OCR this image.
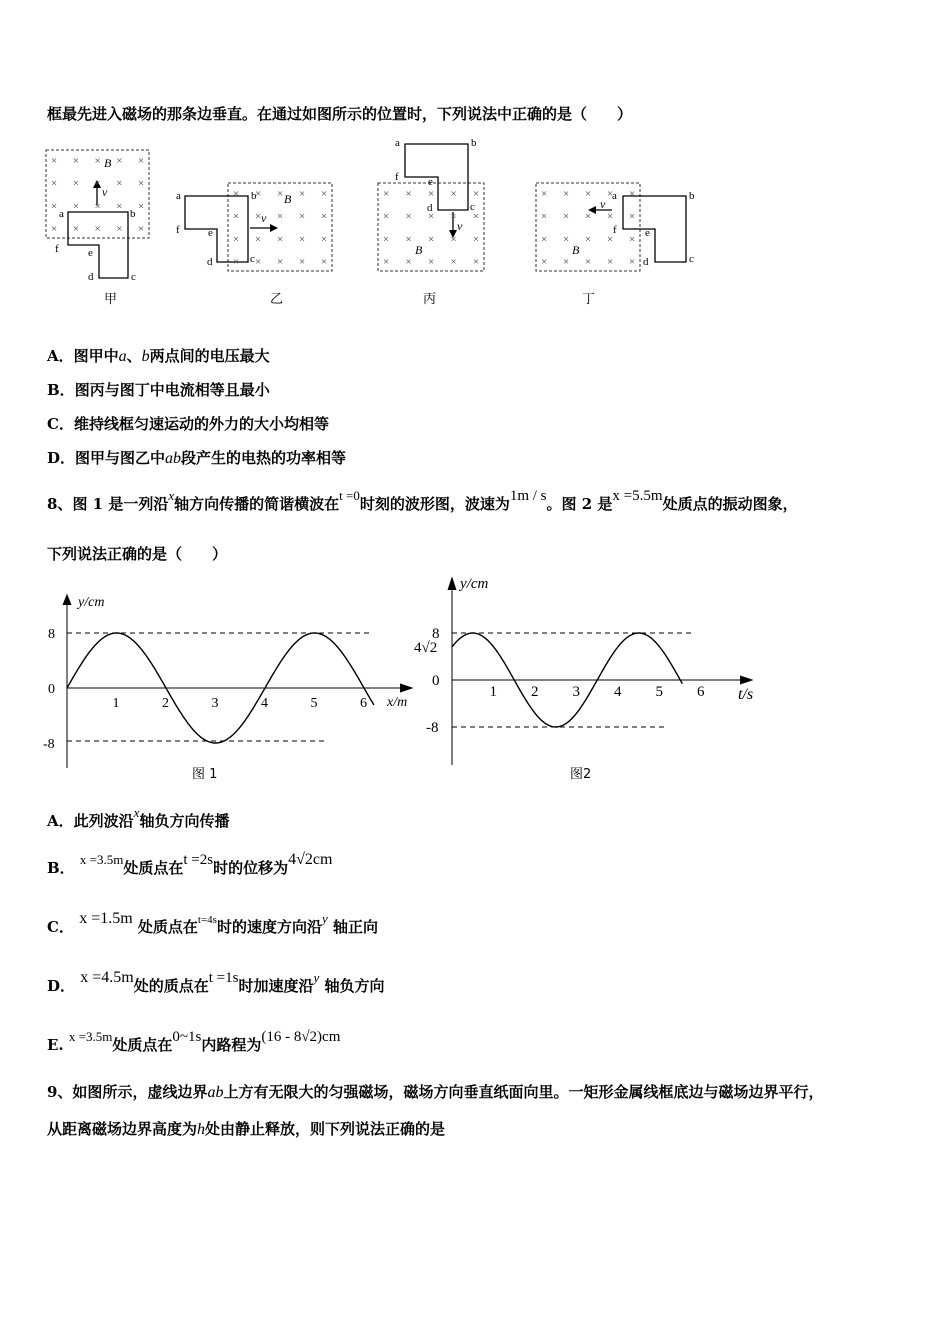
框最先进入磁场的那条边垂直。在通过如图所示的位置时，下列说法中正确的是（　　）
× × × × ×
× × × × ×
× × × × ×
× × × × ×
× × × × ×
× × × × ×
× × × × ×
× × × × ×
× × × × ×
× × × × ×
× × × × ×
× × × × ×
× × × × ×
× × × × ×
× × × × ×
× × × × ×
B
v	B
v
B
v
B
v
a	b
c
d
e
f
a	b
c
d
e
f
a	b
c
d
e
f
a	b
c
d
e
f
甲	乙	丙	丁
A．图甲中a、b两点间的电压最大
B．图丙与图丁中电流相等且最小
C．维持线框匀速运动的外力的大小均相等
D．图甲与图乙中ab段产生的电热的功率相等
8、图 1 是一列沿x轴方向传播的简谐横波在t =0时刻的波形图，波速为1m / s。图 2 是x =5.5m处质点的振动图象，
下列说法正确的是（　　）
1	2	3	4	5	6
8
0
-8
y/cm
x/m
图 1
1 2 3 4 5 6
8
4√2
0
-8
y/cm
t/s
图2
A．此列波沿x轴负方向传播
B． x =3.5m处质点在t =2s时的位移为4√2cm
C． x =1.5m 处质点在$^{t=4s}$时的速度方向沿y 轴正向
D． x =4.5m处的质点在t =1s时加速度沿y 轴负方向
E. x =3.5m处质点在0~1s内路程为(16 - 8√2)cm
9、如图所示，虚线边界ab上方有无限大的匀强磁场，磁场方向垂直纸面向里。一矩形金属线框底边与磁场边界平行，
从距离磁场边界高度为h处由静止释放，则下列说法正确的是
